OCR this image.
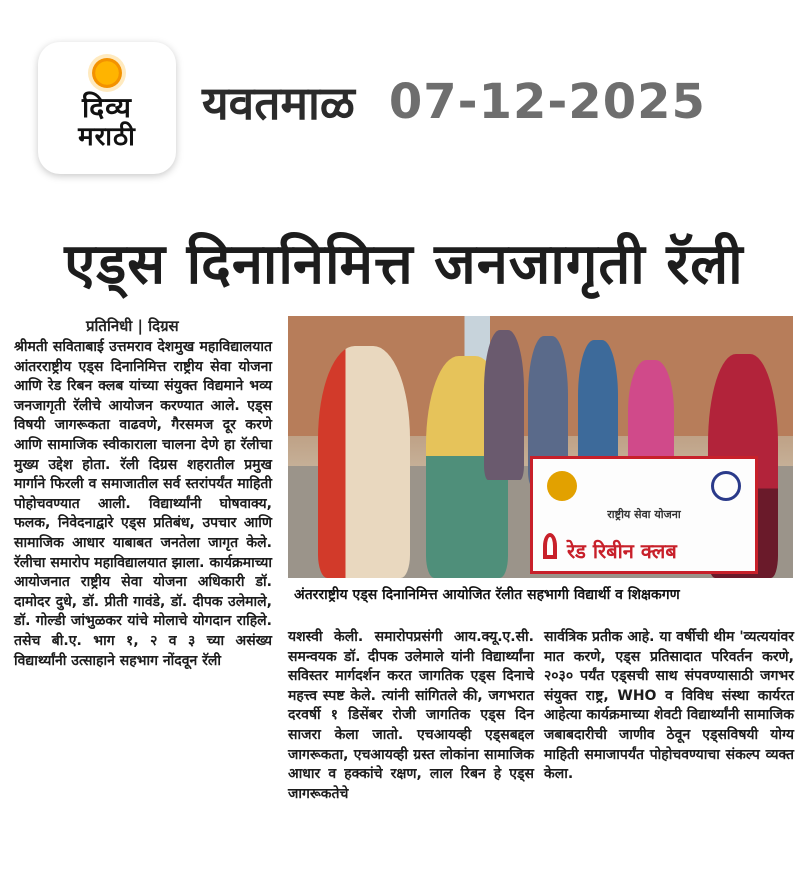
दिव्य
मराठी
यवतमाळ 07-12-2025
एड्स दिनानिमित्त जनजागृती रॅली
प्रतिनिधी | दिग्रस
राष्ट्रीय सेवा योजना
रेड रिबीन क्लब
अंतरराष्ट्रीय एड्स दिनानिमित्त आयोजित रॅलीत सहभागी विद्यार्थी व शिक्षकगण
श्रीमती सविताबाई उत्तमराव देशमुख महाविद्यालयात आंतरराष्ट्रीय एड्स दिनानिमित्त राष्ट्रीय सेवा योजना आणि रेड रिबन क्लब यांच्या संयुक्त विद्यमाने भव्य जनजागृती रॅलीचे आयोजन करण्यात आले. एड्स विषयी जागरूकता वाढवणे, गैरसमज दूर करणे आणि सामाजिक स्वीकाराला चालना देणे हा रॅलीचा मुख्य उद्देश होता. रॅली दिग्रस शहरातील प्रमुख मार्गाने फिरली व समाजातील सर्व स्तरांपर्यंत माहिती पोहोचवण्यात आली. विद्यार्थ्यांनी घोषवाक्य, फलक, निवेदनाद्वारे एड्स प्रतिबंध, उपचार आणि सामाजिक आधार याबाबत जनतेला जागृत केले. रॅलीचा समारोप महाविद्यालयात झाला. कार्यक्रमाच्या आयोजनात राष्ट्रीय सेवा योजना अधिकारी डॉ. दामोदर दुधे, डॉ. प्रीती गावंडे, डॉ. दीपक उलेमाले, डॉ. गोल्डी जांभुळकर यांचे मोलाचे योगदान राहिले. तसेच बी.ए. भाग १, २ व ३ च्या असंख्य विद्यार्थ्यांनी उत्साहाने सहभाग नोंदवून रॅली
यशस्वी केली. समारोपप्रसंगी आय.क्यू.ए.सी. समन्वयक डॉ. दीपक उलेमाले यांनी विद्यार्थ्यांना सविस्तर मार्गदर्शन करत जागतिक एड्स दिनाचे महत्त्व स्पष्ट केले. त्यांनी सांगितले की, जगभरात दरवर्षी १ डिसेंबर रोजी जागतिक एड्स दिन साजरा केला जातो. एचआयव्ही एड्सबद्दल जागरूकता, एचआयव्ही ग्रस्त लोकांना सामाजिक आधार व हक्कांचे रक्षण, लाल रिबन हे एड्स जागरूकतेचे
सार्वत्रिक प्रतीक आहे. या वर्षीची थीम 'व्यत्ययांवर मात करणे, एड्स प्रतिसादात परिवर्तन करणे, २०३० पर्यंत एड्सची साथ संपवण्यासाठी जगभर संयुक्त राष्ट्र, WHO व विविध संस्था कार्यरत आहेत्या कार्यक्रमाच्या शेवटी विद्यार्थ्यांनी सामाजिक जबाबदारीची जाणीव ठेवून एड्सविषयी योग्य माहिती समाजापर्यंत पोहोचवण्याचा संकल्प व्यक्त केला.
